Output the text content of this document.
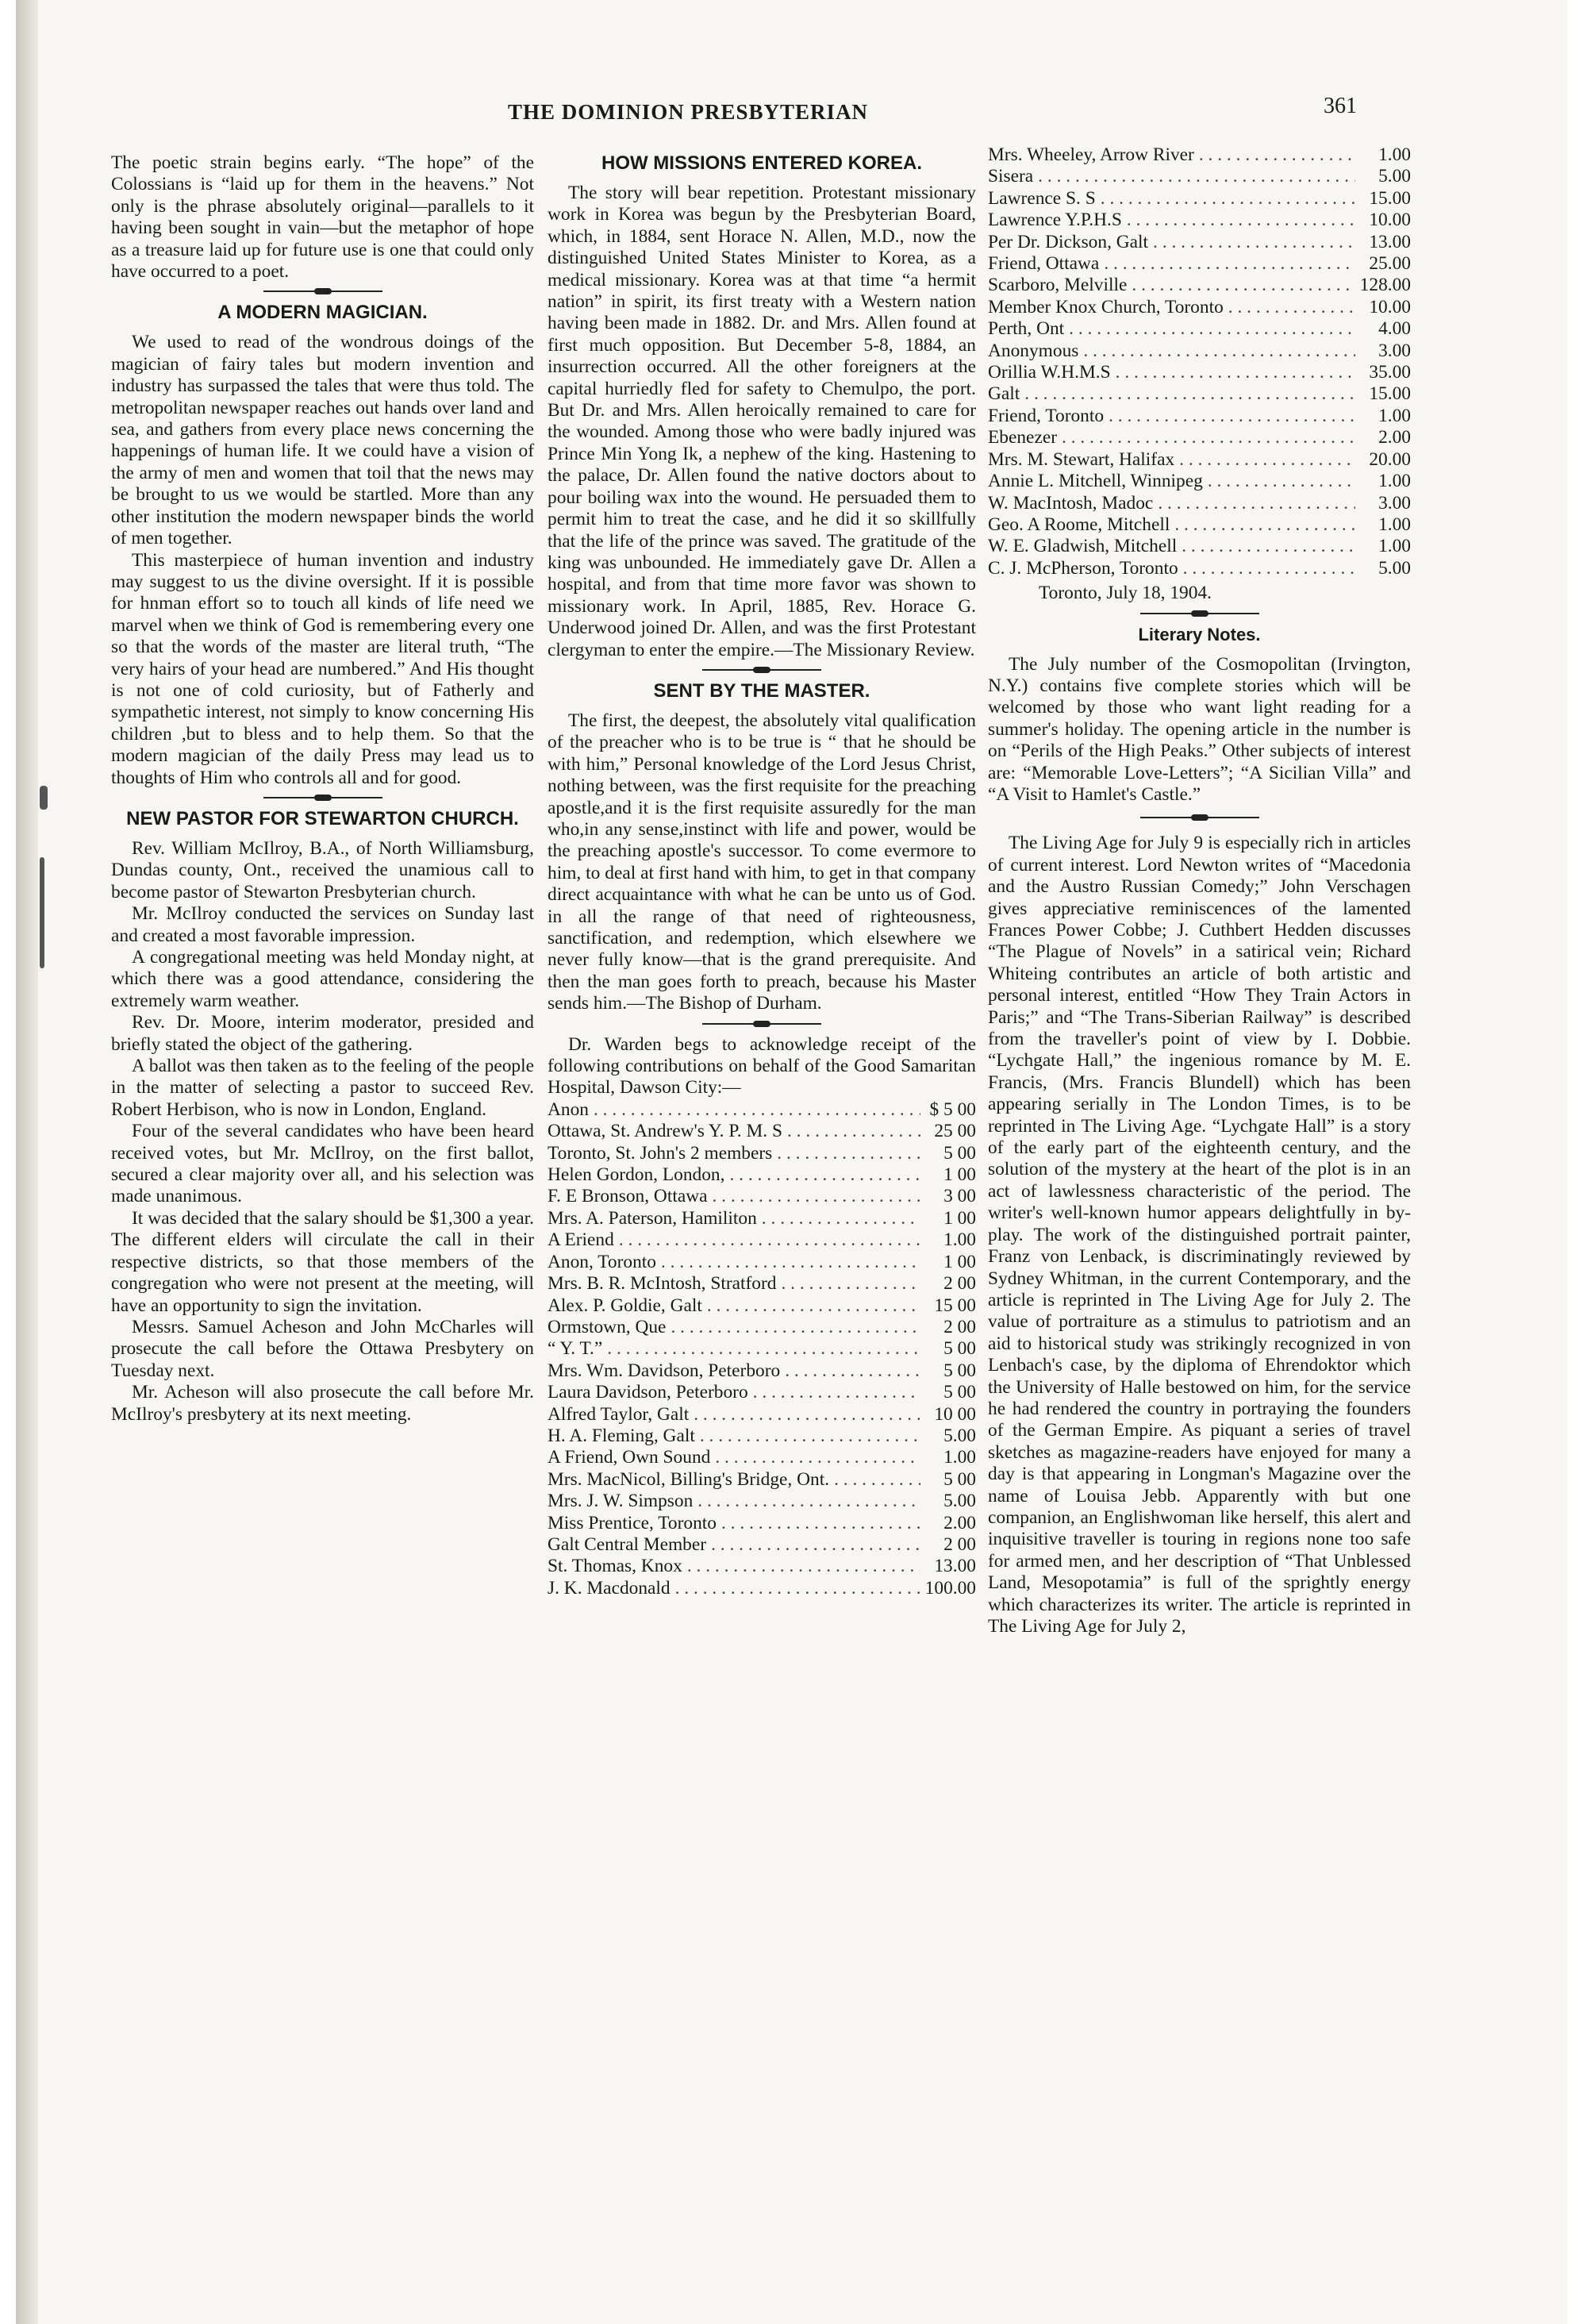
THE DOMINION PRESBYTERIAN	361

The poetic strain begins early. “The hope” of the Colossians is “laid up for them in the heavens.” Not only is the phrase absolutely original—parallels to it having been sought in vain—but the metaphor of hope as a treasure laid up for future use is one that could only have occurred to a poet.

A MODERN MAGICIAN.

We used to read of the wondrous doings of the magician of fairy tales but modern invention and industry has surpassed the tales that were thus told. The metropolitan newspaper reaches out hands over land and sea, and gathers from every place news concerning the happenings of human life. It we could have a vision of the army of men and women that toil that the news may be brought to us we would be startled. More than any other institution the modern newspaper binds the world of men together.

This masterpiece of human invention and industry may suggest to us the divine oversight. If it is possible for hnman effort so to touch all kinds of life need we marvel when we think of God is remembering every one so that the words of the master are literal truth, “The very hairs of your head are numbered.” And His thought is not one of cold curiosity, but of Fatherly and sympathetic interest, not simply to know concerning His children ,but to bless and to help them. So that the modern magician of the daily Press may lead us to thoughts of Him who controls all and for good.

NEW PASTOR FOR STEWARTON CHURCH.

Rev. William McIlroy, B.A., of North Williamsburg, Dundas county, Ont., received the unamious call to become pastor of Stewarton Presbyterian church.

Mr. McIlroy conducted the services on Sunday last and created a most favorable impression.

A congregational meeting was held Monday night, at which there was a good attendance, considering the extremely warm weather.

Rev. Dr. Moore, interim moderator, presided and briefly stated the object of the gathering.

A ballot was then taken as to the feeling of the people in the matter of selecting a pastor to succeed Rev. Robert Herbison, who is now in London, England.

Four of the several candidates who have been heard received votes, but Mr. McIlroy, on the first ballot, secured a clear majority over all, and his selection was made unanimous.

It was decided that the salary should be $1,300 a year. The different elders will circulate the call in their respective districts, so that those members of the congregation who were not present at the meeting, will have an opportunity to sign the invitation.

Messrs. Samuel Acheson and John McCharles will prosecute the call before the Ottawa Presbytery on Tuesday next.

Mr. Acheson will also prosecute the call before Mr. McIlroy's presbytery at its next meeting.

HOW MISSIONS ENTERED KOREA.

The story will bear repetition. Protestant missionary work in Korea was begun by the Presbyterian Board, which, in 1884, sent Horace N. Allen, M.D., now the distinguished United States Minister to Korea, as a medical missionary. Korea was at that time “a hermit nation” in spirit, its first treaty with a Western nation having been made in 1882. Dr. and Mrs. Allen found at first much opposition. But December 5-8, 1884, an insurrection occurred. All the other foreigners at the capital hurriedly fled for safety to Chemulpo, the port. But Dr. and Mrs. Allen heroically remained to care for the wounded. Among those who were badly injured was Prince Min Yong Ik, a nephew of the king. Hastening to the palace, Dr. Allen found the native doctors about to pour boiling wax into the wound. He persuaded them to permit him to treat the case, and he did it so skillfully that the life of the prince was saved. The gratitude of the king was unbounded. He immediately gave Dr. Allen a hospital, and from that time more favor was shown to missionary work. In April, 1885, Rev. Horace G. Underwood joined Dr. Allen, and was the first Protestant clergyman to enter the empire.—The Missionary Review.

SENT BY THE MASTER.

The first, the deepest, the absolutely vital qualification of the preacher who is to be true is “ that he should be with him,” Personal knowledge of the Lord Jesus Christ, nothing between, was the first requisite for the preaching apostle,and it is the first requisite assuredly for the man who,in any sense,instinct with life and power, would be the preaching apostle's successor. To come evermore to him, to deal at first hand with him, to get in that company direct acquaintance with what he can be unto us of God. in all the range of that need of righteousness, sanctification, and redemption, which elsewhere we never fully know—that is the grand prerequisite. And then the man goes forth to preach, because his Master sends him.—The Bishop of Durham.

Dr. Warden begs to acknowledge receipt of the following contributions on behalf of the Good Samaritan Hospital, Dawson City:—

Anon . . .	$ 5 00
Ottawa, St. Andrew's Y. P. M. S . . .	25 00
Toronto, St. John's 2 members . . .	5 00
Helen Gordon, London, . . .	1 00
F. E Bronson, Ottawa . . .	3 00
Mrs. A. Paterson, Hamiliton . . .	1 00
A Eriend . . .	1.00
Anon, Toronto . . .	1 00
Mrs. B. R. McIntosh, Stratford . . .	2 00
Alex. P. Goldie, Galt . . .	15 00
Ormstown, Que . . .	2 00
“ Y. T.” . . .	5 00
Mrs. Wm. Davidson, Peterboro . . .	5 00
Laura Davidson, Peterboro . . .	5 00
Alfred Taylor, Galt . . .	10 00
H. A. Fleming, Galt . . .	5.00
A Friend, Own Sound . . .	1.00
Mrs. MacNicol, Billing's Bridge, Ont. . . .	5 00
Mrs. J. W. Simpson . . .	5.00
Miss Prentice, Toronto . . .	2.00
Galt Central Member . . .	2 00
St. Thomas, Knox . . .	13.00
J. K. Macdonald . . .	100.00
Mrs. Wheeley, Arrow River . . .	1.00
Sisera . . .	5.00
Lawrence S. S . . .	15.00
Lawrence Y.P.H.S . . .	10.00
Per Dr. Dickson, Galt . . .	13.00
Friend, Ottawa . . .	25.00
Scarboro, Melville . . .	128.00
Member Knox Church, Toronto . . .	10.00
Perth, Ont . . .	4.00
Anonymous . . .	3.00
Orillia W.H.M.S . . .	35.00
Galt . . .	15.00
Friend, Toronto . . .	1.00
Ebenezer . . .	2.00
Mrs. M. Stewart, Halifax . . .	20.00
Annie L. Mitchell, Winnipeg . . .	1.00
W. MacIntosh, Madoc . . .	3.00
Geo. A Roome, Mitchell . . .	1.00
W. E. Gladwish, Mitchell . . .	1.00
C. J. McPherson, Toronto . . .	5.00

Toronto, July 18, 1904.

Literary Notes.

The July number of the Cosmopolitan (Irvington, N.Y.) contains five complete stories which will be welcomed by those who want light reading for a summer's holiday. The opening article in the number is on “Perils of the High Peaks.” Other subjects of interest are: “Memorable Love-Letters”; “A Sicilian Villa” and “A Visit to Hamlet's Castle.”

The Living Age for July 9 is especially rich in articles of current interest. Lord Newton writes of “Macedonia and the Austro Russian Comedy;” John Verschagen gives appreciative reminiscences of the lamented Frances Power Cobbe; J. Cuthbert Hedden discusses “The Plague of Novels” in a satirical vein; Richard Whiteing contributes an article of both artistic and personal interest, entitled “How They Train Actors in Paris;” and “The Trans-Siberian Railway” is described from the traveller's point of view by I. Dobbie. “Lychgate Hall,” the ingenious romance by M. E. Francis, (Mrs. Francis Blundell) which has been appearing serially in The London Times, is to be reprinted in The Living Age. “Lychgate Hall” is a story of the early part of the eighteenth century, and the solution of the mystery at the heart of the plot is in an act of lawlessness characteristic of the period. The writer's well-known humor appears delightfully in by-play. The work of the distinguished portrait painter, Franz von Lenback, is discriminatingly reviewed by Sydney Whitman, in the current Contemporary, and the article is reprinted in The Living Age for July 2. The value of portraiture as a stimulus to patriotism and an aid to historical study was strikingly recognized in von Lenbach's case, by the diploma of Ehrendoktor which the University of Halle bestowed on him, for the service he had rendered the country in portraying the founders of the German Empire. As piquant a series of travel sketches as magazine-readers have enjoyed for many a day is that appearing in Longman's Magazine over the name of Louisa Jebb. Apparently with but one companion, an Englishwoman like herself, this alert and inquisitive traveller is touring in regions none too safe for armed men, and her description of “That Unblessed Land, Mesopotamia” is full of the sprightly energy which characterizes its writer. The article is reprinted in The Living Age for July 2,
